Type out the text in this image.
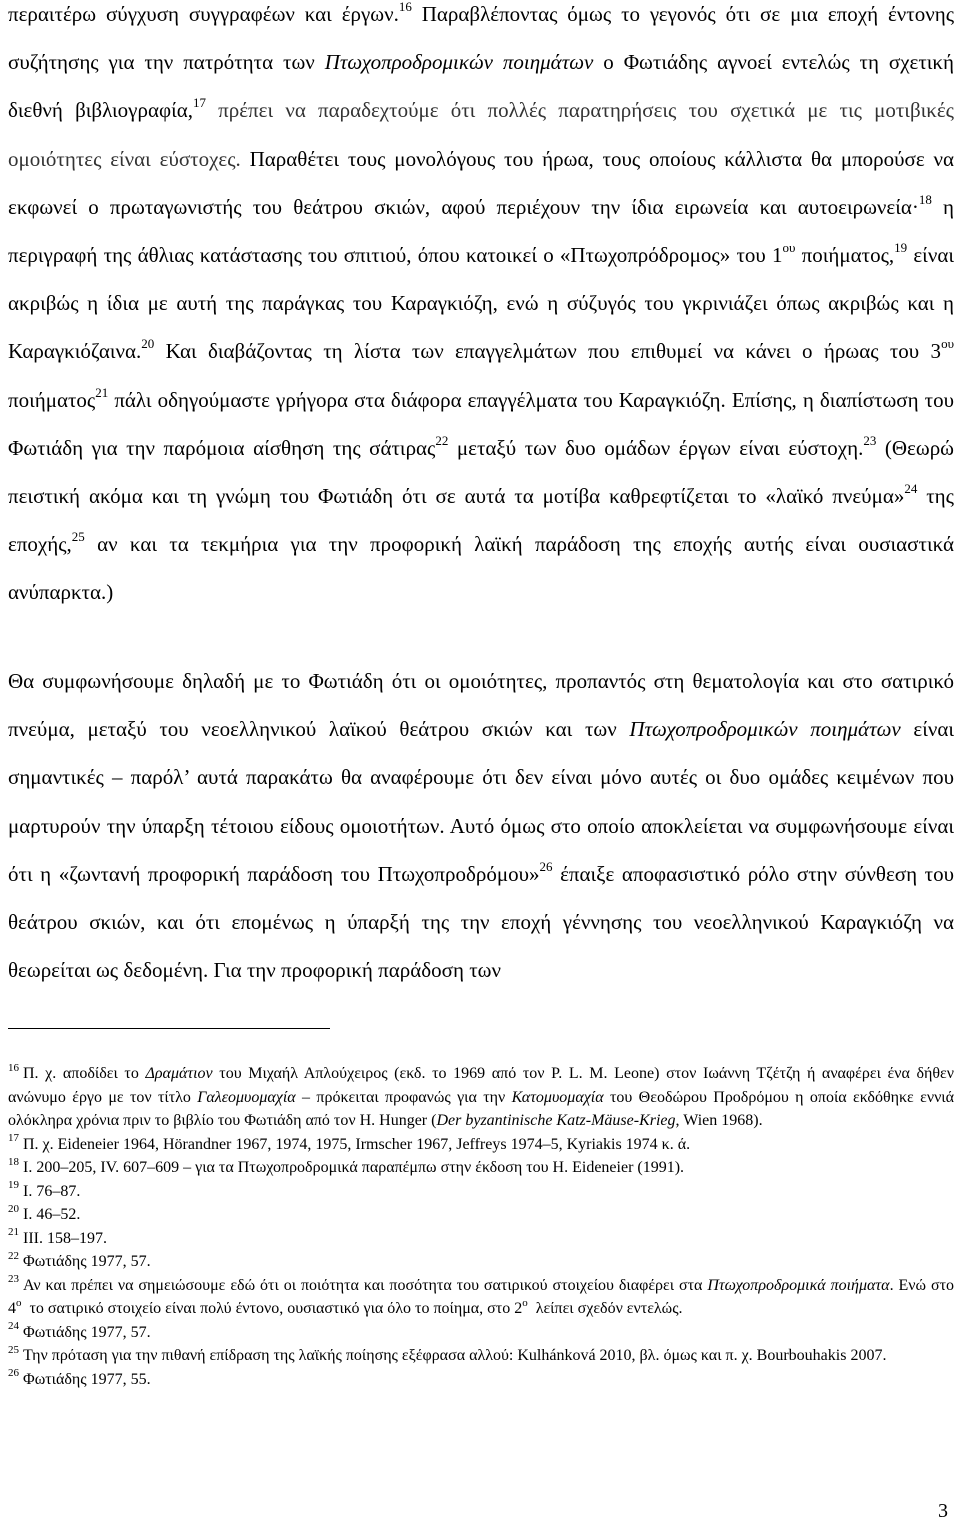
περαιτέρω σύγχυση συγγραφέων και έργων.$^{16}$ Παραβλέποντας όμως το γεγονός ότι σε μια εποχή έντονης συζήτησης για την πατρότητα των Πτωχοπροδρομικών ποιημάτων ο Φωτιάδης αγνοεί εντελώς τη σχετική διεθνή βιβλιογραφία,$^{17}$ πρέπει να παραδεχτούμε ότι πολλές παρατηρήσεις του σχετικά με τις μοτιβικές ομοιότητες είναι εύστοχες. Παραθέτει τους μονολόγους του ήρωα, τους οποίους κάλλιστα θα μπορούσε να εκφωνεί ο πρωταγωνιστής του θεάτρου σκιών, αφού περιέχουν την ίδια ειρωνεία και αυτοειρωνεία·$^{18}$ η περιγραφή της άθλιας κατάστασης του σπιτιού, όπου κατοικεί ο «Πτωχοπρόδρομος» του $1^{o\upsilon}$ ποιήματος,$^{19}$ είναι ακριβώς η ίδια με αυτή της παράγκας του Καραγκιόζη, ενώ η σύζυγός του γκρινιάζει όπως ακριβώς και η Καραγκιόζαινα.$^{20}$ Και διαβάζοντας τη λίστα των επαγγελμάτων που επιθυμεί να κάνει ο ήρωας του $3^{o\upsilon}$ ποιήματος$^{21}$ πάλι οδηγούμαστε γρήγορα στα διάφορα επαγγέλματα του Καραγκιόζη. Επίσης, η διαπίστωση του Φωτιάδη για την παρόμοια αίσθηση της σάτιρας$^{22}$ μεταξύ των δυο ομάδων έργων είναι εύστοχη.$^{23}$ (Θεωρώ πειστική ακόμα και τη γνώμη του Φωτιάδη ότι σε αυτά τα μοτίβα καθρεφτίζεται το «λαϊκό πνεύμα»$^{24}$ της εποχής,$^{25}$ αν και τα τεκμήρια για την προφορική λαϊκή παράδοση της εποχής αυτής είναι ουσιαστικά ανύπαρκτα.)

Θα συμφωνήσουμε δηλαδή με το Φωτιάδη ότι οι ομοιότητες, προπαντός στη θεματολογία και στο σατιρικό πνεύμα, μεταξύ του νεοελληνικού λαϊκού θεάτρου σκιών και των Πτωχοπροδρομικών ποιημάτων είναι σημαντικές – παρόλ’ αυτά παρακάτω θα αναφέρουμε ότι δεν είναι μόνο αυτές οι δυο ομάδες κειμένων που μαρτυρούν την ύπαρξη τέτοιου είδους ομοιοτήτων. Αυτό όμως στο οποίο αποκλείεται να συμφωνήσουμε είναι ότι η «ζωντανή προφορική παράδοση του Πτωχοπροδρόμου»$^{26}$ έπαιξε αποφασιστικό ρόλο στην σύνθεση του θεάτρου σκιών, και ότι επομένως η ύπαρξή της την εποχή γέννησης του νεοελληνικού Καραγκιόζη να θεωρείται ως δεδομένη. Για την προφορική παράδοση των

$^{16}$ Π. χ. αποδίδει το Δραμάτιον του Μιχαήλ Απλούχειρος (εκδ. το 1969 από τον P. L. M. Leone) στον Ιωάννη Τζέτζη ή αναφέρει ένα δήθεν ανώνυμο έργο με τον τίτλο Γαλεομυομαχία – πρόκειται προφανώς για την Κατομυομαχία του Θεοδώρου Προδρόμου η οποία εκδόθηκε εννιά ολόκληρα χρόνια πριν το βιβλίο του Φωτιάδη από τον H. Hunger (Der byzantinische Katz-Mäuse-Krieg, Wien 1968).

$^{17}$ Π. χ. Eideneier 1964, Hörandner 1967, 1974, 1975, Irmscher 1967, Jeffreys 1974–5, Kyriakis 1974 κ. ά.

$^{18}$ I. 200–205, IV. 607–609 – για τα Πτωχοπροδρομικά παραπέμπω στην έκδοση του H. Eideneier (1991).

$^{19}$ I. 76–87.

$^{20}$ I. 46–52.

$^{21}$ III. 158–197.

$^{22}$ Φωτιάδης 1977, 57.

$^{23}$ Αν και πρέπει να σημειώσουμε εδώ ότι οι ποιότητα και ποσότητα του σατιρικού στοιχείου διαφέρει στα Πτωχοπροδρομικά ποιήματα. Ενώ στο $4^o$ το σατιρικό στοιχείο είναι πολύ έντονο, ουσιαστικό για όλο το ποίημα, στο $2^o$ λείπει σχεδόν εντελώς.

$^{24}$ Φωτιάδης 1977, 57.

$^{25}$ Την πρόταση για την πιθανή επίδραση της λαϊκής ποίησης εξέφρασα αλλού: Kulhánková 2010, βλ. όμως και π. χ. Bourbouhakis 2007.

$^{26}$ Φωτιάδης 1977, 55.

3
